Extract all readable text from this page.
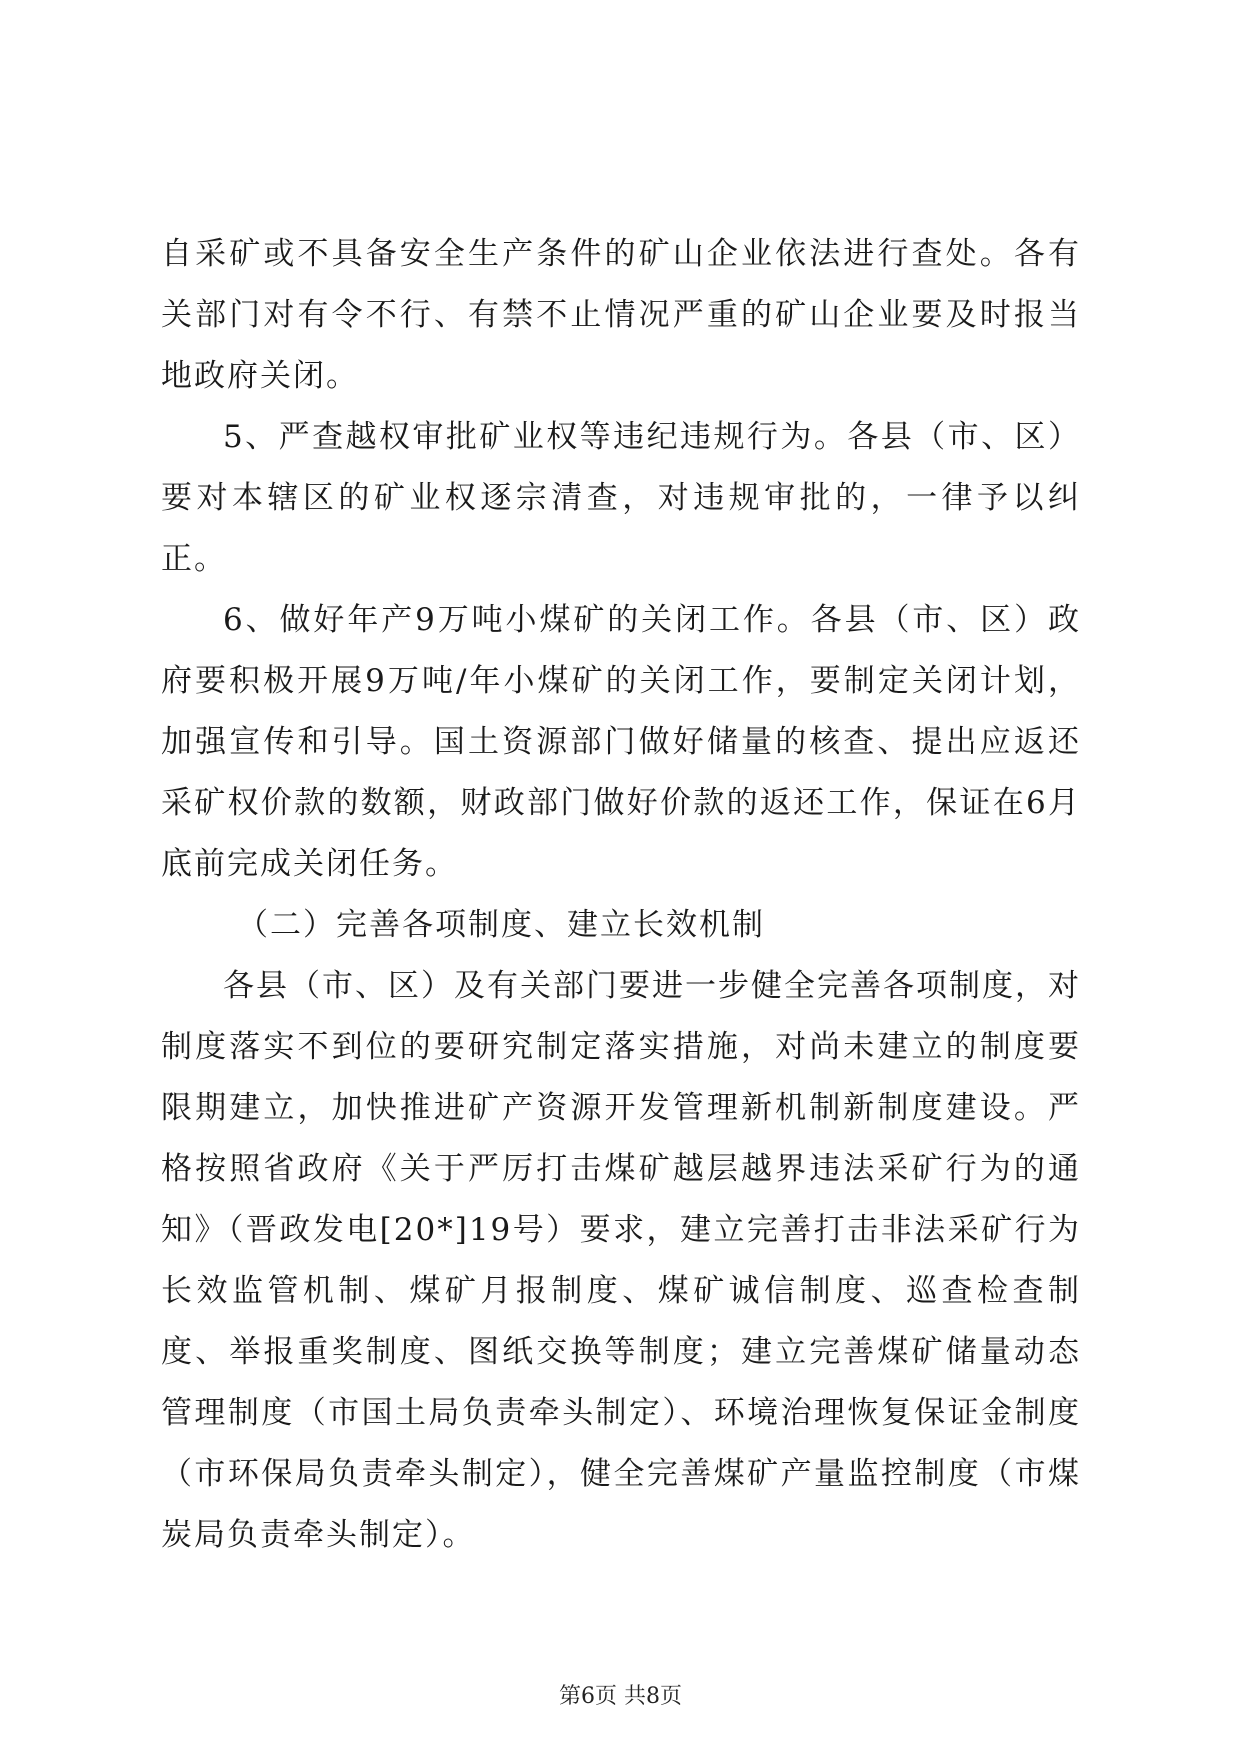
自采矿或不具备安全生产条件的矿山企业依法进行查处。各有关部门对有令不行、有禁不止情况严重的矿山企业要及时报当地政府关闭。

5、严查越权审批矿业权等违纪违规行为。各县（市、区）要对本辖区的矿业权逐宗清查，对违规审批的，一律予以纠正。

6、做好年产9万吨小煤矿的关闭工作。各县（市、区）政府要积极开展9万吨/年小煤矿的关闭工作，要制定关闭计划，加强宣传和引导。国土资源部门做好储量的核查、提出应返还采矿权价款的数额，财政部门做好价款的返还工作，保证在6月底前完成关闭任务。

（二）完善各项制度、建立长效机制

各县（市、区）及有关部门要进一步健全完善各项制度，对制度落实不到位的要研究制定落实措施，对尚未建立的制度要限期建立，加快推进矿产资源开发管理新机制新制度建设。严格按照省政府《关于严厉打击煤矿越层越界违法采矿行为的通知》（晋政发电[20*]19号）要求，建立完善打击非法采矿行为长效监管机制、煤矿月报制度、煤矿诚信制度、巡查检查制度、举报重奖制度、图纸交换等制度；建立完善煤矿储量动态管理制度（市国土局负责牵头制定）、环境治理恢复保证金制度（市环保局负责牵头制定），健全完善煤矿产量监控制度（市煤炭局负责牵头制定）。

第6页 共8页
